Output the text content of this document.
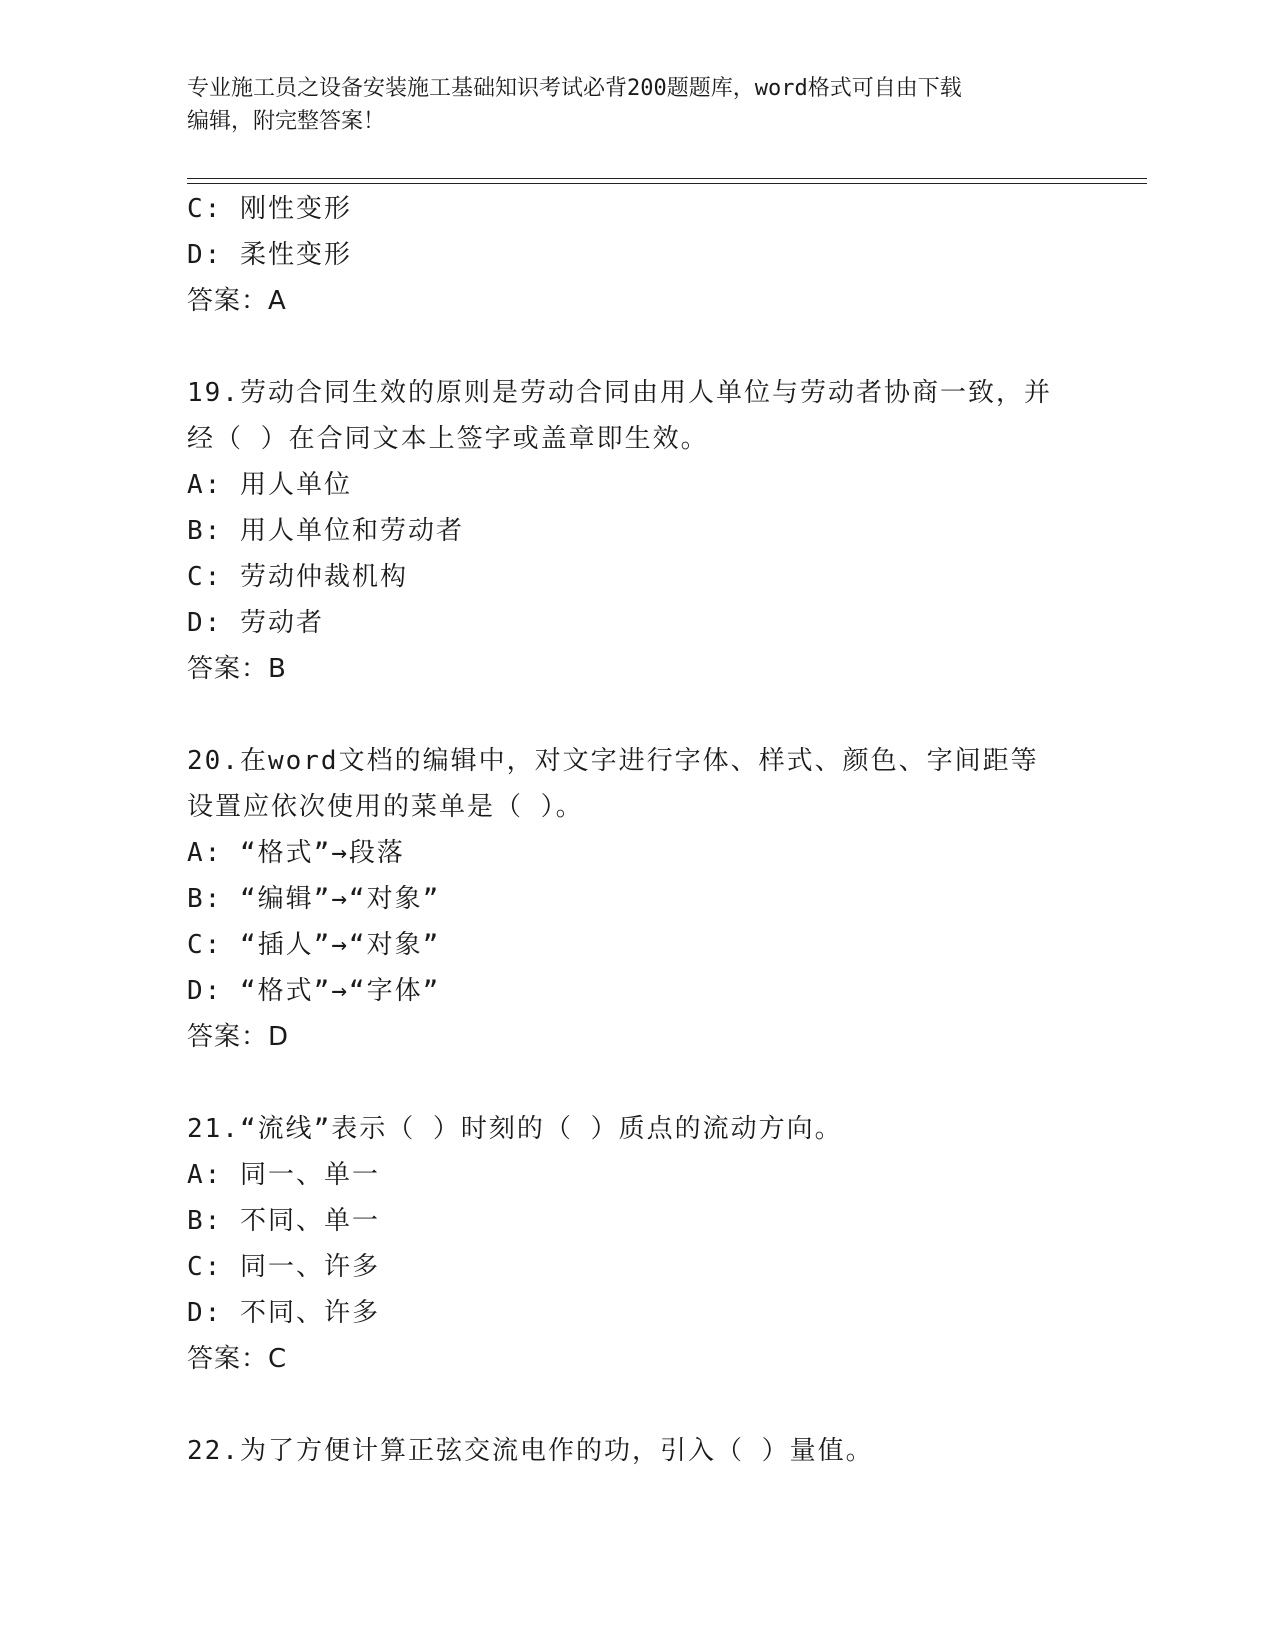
专业施工员之设备安装施工基础知识考试必背200题题库，word格式可自由下载
编辑，附完整答案！
C: 刚性变形
D: 柔性变形
答案：A
19.劳动合同生效的原则是劳动合同由用人单位与劳动者协商一致，并
经（ ）在合同文本上签字或盖章即生效。
A: 用人单位
B: 用人单位和劳动者
C: 劳动仲裁机构
D: 劳动者
答案：B
20.在word文档的编辑中，对文字进行字体、样式、颜色、字间距等
设置应依次使用的菜单是（ ）。
A: “格式”→段落
B: “编辑”→“对象”
C: “插人”→“对象”
D: “格式”→“字体”
答案：D
21.“流线”表示（ ）时刻的（ ）质点的流动方向。
A: 同一、单一
B: 不同、单一
C: 同一、许多
D: 不同、许多
答案：C
22.为了方便计算正弦交流电作的功，引入（ ）量值。
